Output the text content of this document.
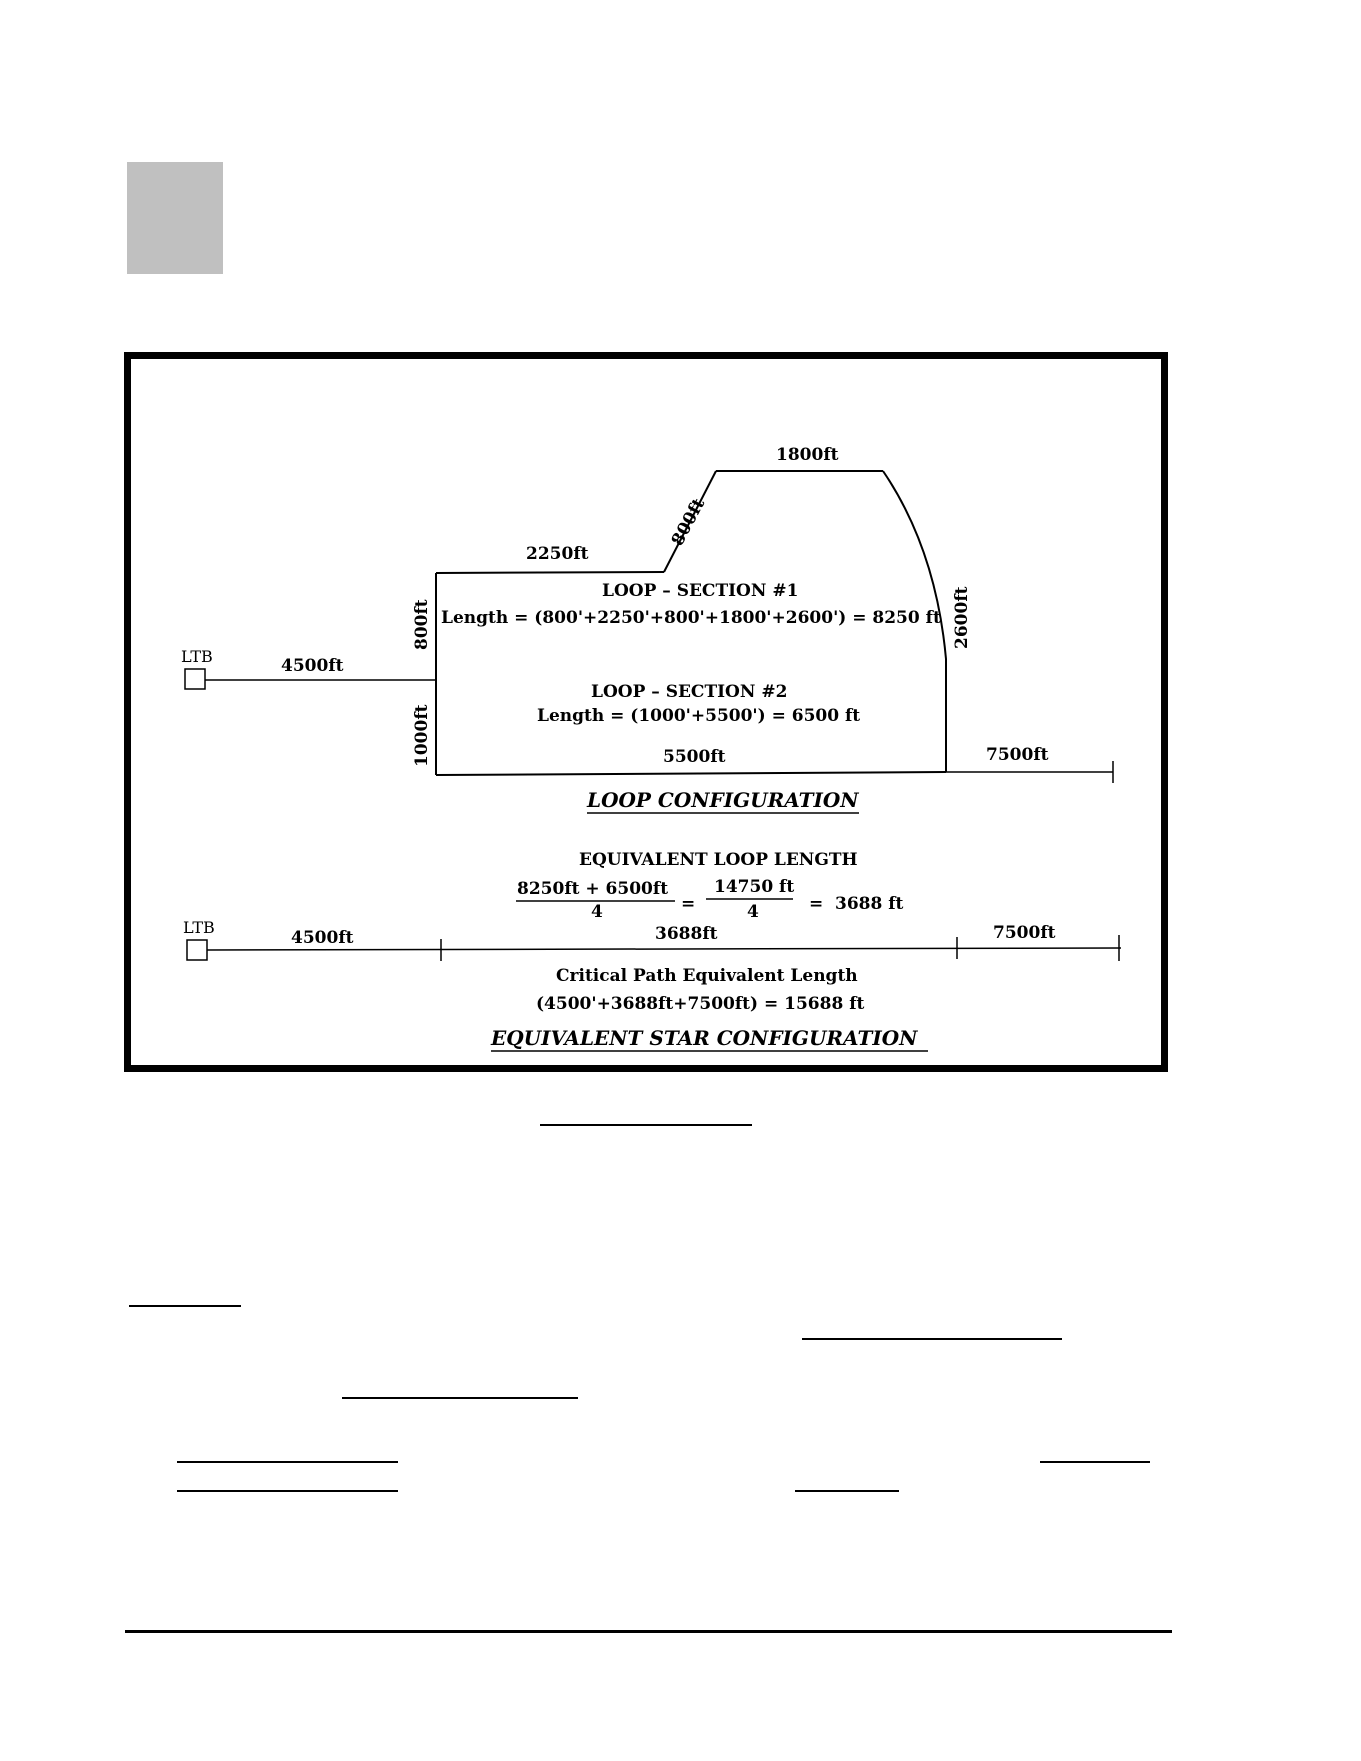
LTB	4500ft
1800ft
2250ft
800ft
800ft
1000ft
2600ft
5500ft	7500ft
LOOP – SECTION #1
Length = (800'+2250'+800'+1800'+2600') = 8250 ft
LOOP – SECTION #2
Length = (1000'+5500') = 6500 ft
LOOP CONFIGURATION
EQUIVALENT LOOP LENGTH
8250ft + 6500ft
4	=
14750 ft
4	= 3688 ft
LTB
4500ft	3688ft	7500ft
Critical Path Equivalent Length
(4500'+3688ft+7500ft) = 15688 ft
EQUIVALENT STAR CONFIGURATION
